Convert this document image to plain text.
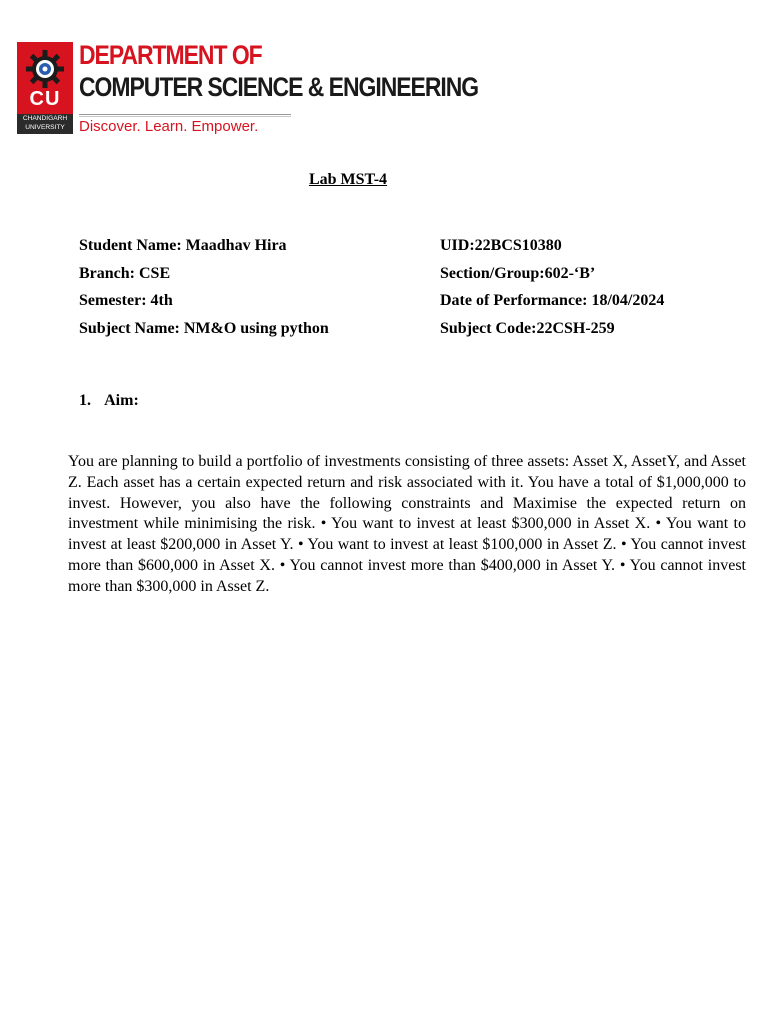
CU
CHANDIGARH
UNIVERSITY
DEPARTMENT OF
COMPUTER SCIENCE & ENGINEERING
Discover. Learn. Empower.
Lab MST-4
Student Name: Maadhav Hira	UID:22BCS10380
Branch: CSE	Section/Group:602-‘B’
Semester: 4th	Date of Performance: 18/04/2024
Subject Name: NM&O using python	Subject Code:22CSH-259
1. Aim:
You are planning to build a portfolio of investments consisting of three assets: Asset X, AssetY, and Asset Z. Each asset has a certain expected return and risk associated with it. You have a total of $1,000,000 to invest. However, you also have the following constraints and Maximise the expected return on investment while minimising the risk. • You want to invest at least $300,000 in Asset X. • You want to invest at least $200,000 in Asset Y. • You want to invest at least $100,000 in Asset Z. • You cannot invest more than $600,000 in Asset X. • You cannot invest more than $400,000 in Asset Y. • You cannot invest more than $300,000 in Asset Z.
